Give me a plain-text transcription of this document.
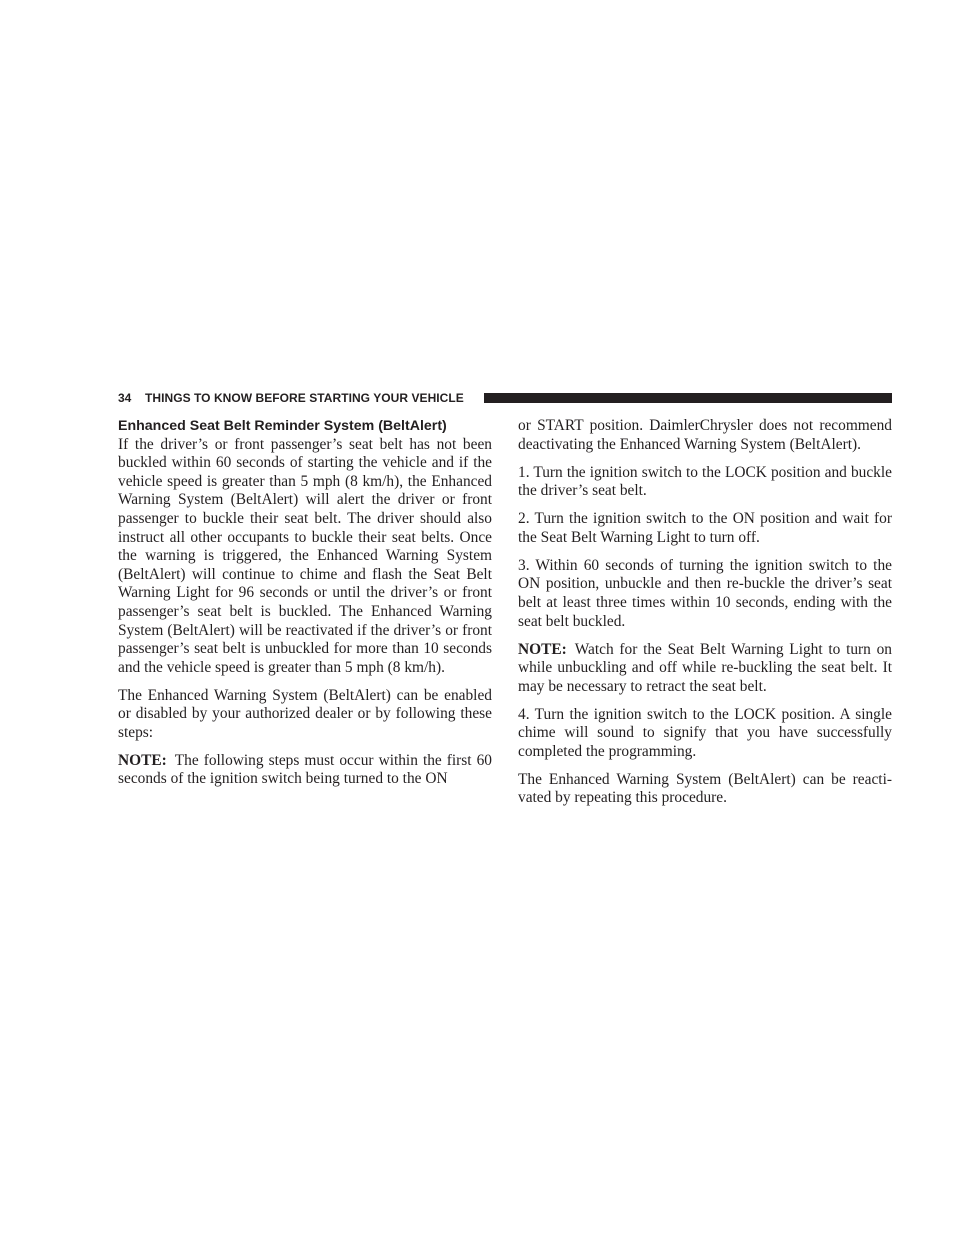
34 THINGS TO KNOW BEFORE STARTING YOUR VEHICLE
Enhanced Seat Belt Reminder System (BeltAlert)

If the driver’s or front passenger’s seat belt has not been buckled within 60 seconds of starting the vehicle and if the vehicle speed is greater than 5 mph (8 km/h), the Enhanced Warning System (BeltAlert) will alert the driver or front passenger to buckle their seat belt. The driver should also instruct all other occupants to buckle their seat belts. Once the warning is triggered, the Enhanced Warning System (BeltAlert) will continue to chime and flash the Seat Belt Warning Light for 96 seconds or until the driver’s or front passenger’s seat belt is buckled. The Enhanced Warning System (BeltAlert) will be reactivated if the driver’s or front passenger’s seat belt is unbuckled for more than 10 seconds and the vehicle speed is greater than 5 mph (8 km/h).

The Enhanced Warning System (BeltAlert) can be enabled or disabled by your authorized dealer or by following these steps:

NOTE: The following steps must occur within the first 60 seconds of the ignition switch being turned to the ON

or START position. DaimlerChrysler does not recommend deactivating the Enhanced Warning System (BeltAlert).

1. Turn the ignition switch to the LOCK position and buckle the driver’s seat belt.

2. Turn the ignition switch to the ON position and wait for the Seat Belt Warning Light to turn off.

3. Within 60 seconds of turning the ignition switch to the ON position, unbuckle and then re-buckle the driver’s seat belt at least three times within 10 seconds, ending with the seat belt buckled.

NOTE: Watch for the Seat Belt Warning Light to turn on while unbuckling and off while re-buckling the seat belt. It may be necessary to retract the seat belt.

4. Turn the ignition switch to the LOCK position. A single chime will sound to signify that you have successfully completed the programming.

The Enhanced Warning System (BeltAlert) can be reactivated by repeating this procedure.
